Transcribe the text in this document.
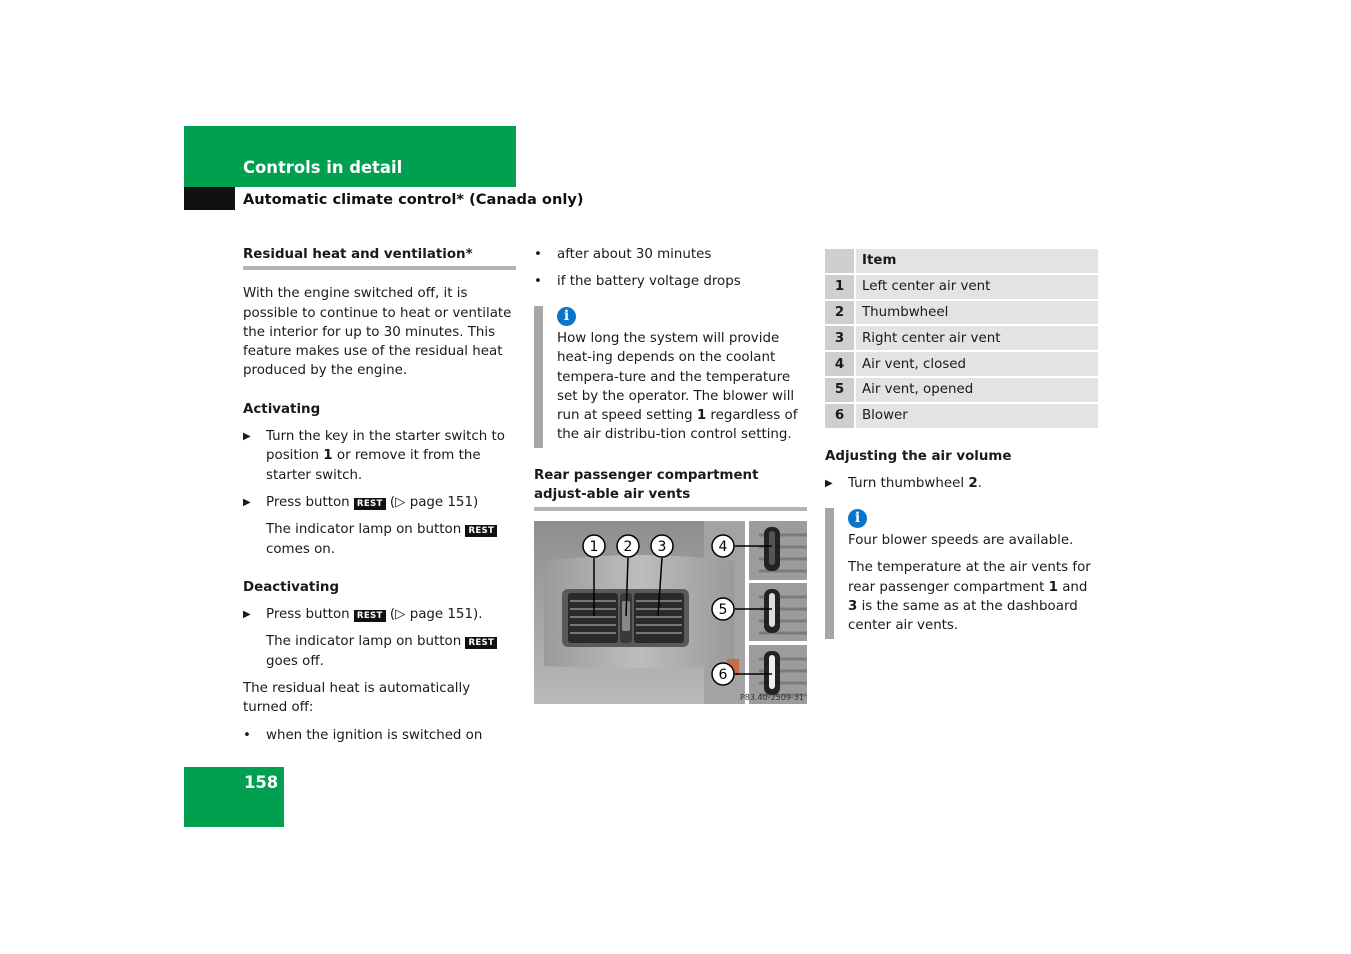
Controls in detail
Automatic climate control* (Canada only)
Residual heat and ventilation*

With the engine switched off, it is possible to continue to heat or ventilate the interior for up to 30 minutes. This feature makes use of the residual heat produced by the engine.

Activating
▶ Turn the key in the starter switch to position 1 or remove it from the starter switch.
▶ Press button REST (▷ page 151)
The indicator lamp on button REST comes on.
Deactivating
▶ Press button REST (▷ page 151).
The indicator lamp on button REST goes off.

The residual heat is automatically turned off:

• when the ignition is switched on
• after about 30 minutes
• if the battery voltage drops
i

How long the system will provide heat-ing depends on the coolant tempera-ture and the temperature set by the operator. The blower will run at speed setting 1 regardless of the air distribu-tion control setting.

Rear passenger compartment adjust-able air vents
1 2 3	4
5
6
P83.40-2509-31
	Item
1	Left center air vent
2	Thumbwheel
3	Right center air vent
4	Air vent, closed
5	Air vent, opened
6	Blower
Adjusting the air volume
▶ Turn thumbwheel 2.
i

Four blower speeds are available.

The temperature at the air vents for rear passenger compartment 1 and 3 is the same as at the dashboard center air vents.

158
